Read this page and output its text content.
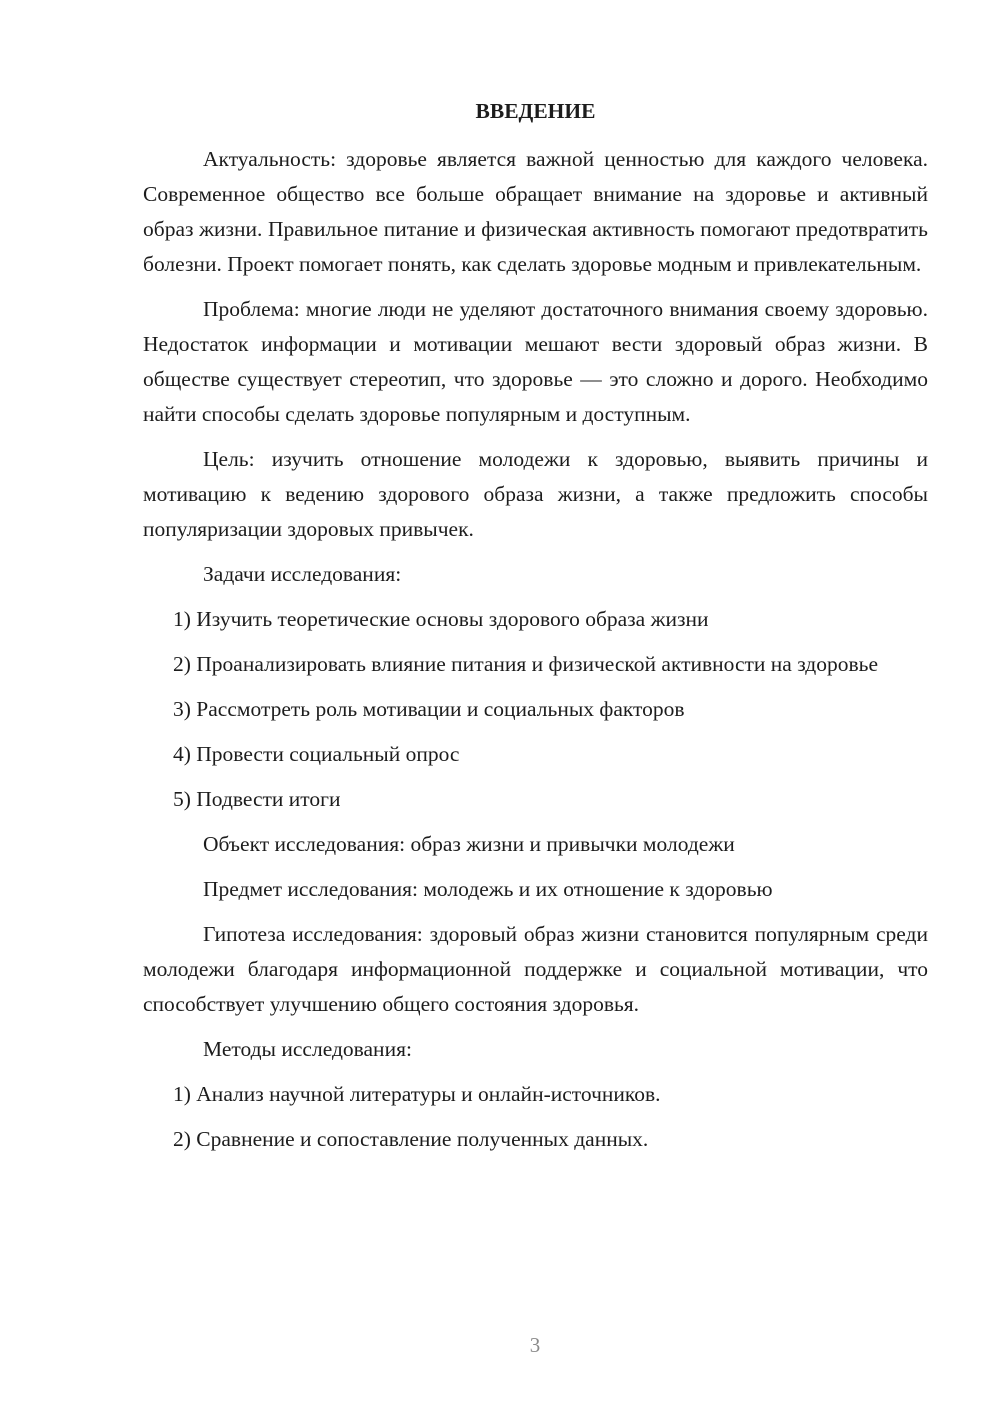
ВВЕДЕНИЕ

Актуальность: здоровье является важной ценностью для каждого человека. Современное общество все больше обращает внимание на здоровье и активный образ жизни. Правильное питание и физическая активность помогают предотвратить болезни. Проект помогает понять, как сделать здоровье модным и привлекательным.

Проблема: многие люди не уделяют достаточного внимания своему здоровью. Недостаток информации и мотивации мешают вести здоровый образ жизни. В обществе существует стереотип, что здоровье — это сложно и дорого. Необходимо найти способы сделать здоровье популярным и доступным.

Цель: изучить отношение молодежи к здоровью, выявить причины и мотивацию к ведению здорового образа жизни, а также предложить способы популяризации здоровых привычек.

Задачи исследования:

1) Изучить теоретические основы здорового образа жизни

2) Проанализировать влияние питания и физической активности на здоровье

3) Рассмотреть роль мотивации и социальных факторов

4) Провести социальный опрос

5) Подвести итоги

Объект исследования: образ жизни и привычки молодежи

Предмет исследования: молодежь и их отношение к здоровью

Гипотеза исследования: здоровый образ жизни становится популярным среди молодежи благодаря информационной поддержке и социальной мотивации, что способствует улучшению общего состояния здоровья.

Методы исследования:

1) Анализ научной литературы и онлайн-источников.

2) Сравнение и сопоставление полученных данных.

3
